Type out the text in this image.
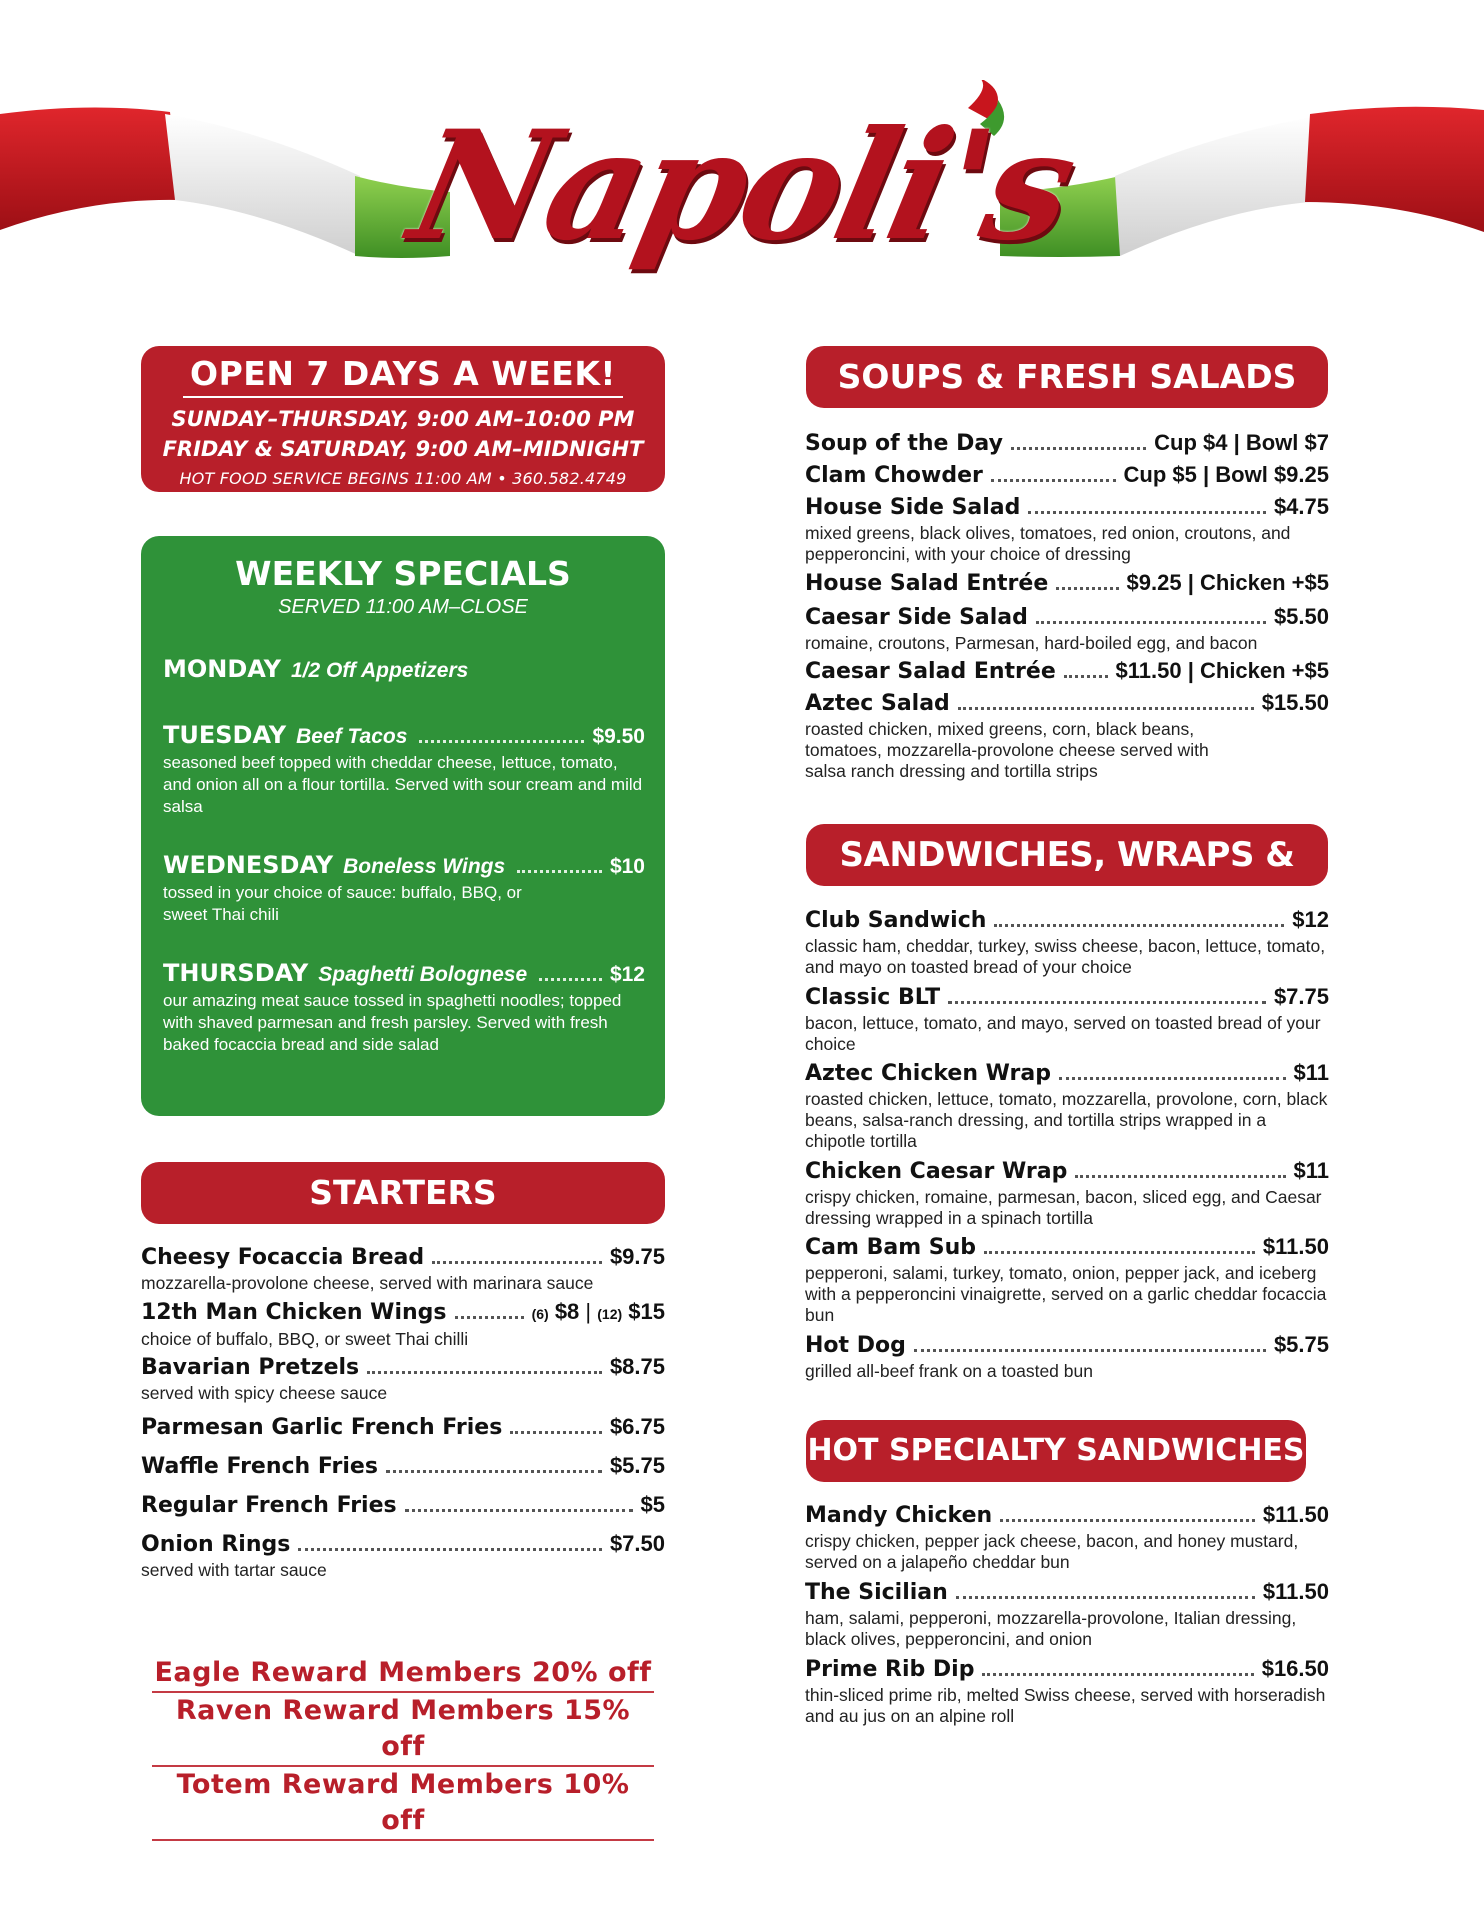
Napoli's
OPEN 7 DAYS A WEEK!
SUNDAY–THURSDAY, 9:00 AM–10:00 PM
FRIDAY & SATURDAY, 9:00 AM–MIDNIGHT
HOT FOOD SERVICE BEGINS 11:00 AM • 360.582.4749
WEEKLY SPECIALS
SERVED 11:00 AM–CLOSE
MONDAY 1/2 Off Appetizers
TUESDAY Beef Tacos	$9.50
seasoned beef topped with cheddar cheese, lettuce, tomato, and onion all on a flour tortilla. Served with sour cream and mild salsa
WEDNESDAY Boneless Wings	$10
tossed in your choice of sauce: buffalo, BBQ, or sweet Thai chili
THURSDAY Spaghetti Bolognese	$12
our amazing meat sauce tossed in spaghetti noodles; topped with shaved parmesan and fresh parsley. Served with fresh baked focaccia bread and side salad
STARTERS
Cheesy Focaccia Bread	$9.75
mozzarella-provolone cheese, served with marinara sauce
12th Man Chicken Wings	(6) $8 | (12) $15
choice of buffalo, BBQ, or sweet Thai chilli
Bavarian Pretzels	$8.75
served with spicy cheese sauce
Parmesan Garlic French Fries	$6.75
Waffle French Fries	$5.75
Regular French Fries	$5
Onion Rings	$7.50
served with tartar sauce
Eagle Reward Members 20% off
Raven Reward Members 15% off
Totem Reward Members 10% off
SOUPS & FRESH SALADS
Soup of the Day	Cup $4 | Bowl $7
Clam Chowder	Cup $5 | Bowl $9.25
House Side Salad	$4.75
mixed greens, black olives, tomatoes, red onion, croutons, and pepperoncini, with your choice of dressing
House Salad Entrée	$9.25 | Chicken +$5
Caesar Side Salad	$5.50
romaine, croutons, Parmesan, hard-boiled egg, and bacon
Caesar Salad Entrée	$11.50 | Chicken +$5
Aztec Salad	$15.50
roasted chicken, mixed greens, corn, black beans, tomatoes, mozzarella-provolone cheese served with salsa ranch dressing and tortilla strips
SANDWICHES, WRAPS & DOGS
Club Sandwich	$12
classic ham, cheddar, turkey, swiss cheese, bacon, lettuce, tomato, and mayo on toasted bread of your choice
Classic BLT	$7.75
bacon, lettuce, tomato, and mayo, served on toasted bread of your choice
Aztec Chicken Wrap	$11
roasted chicken, lettuce, tomato, mozzarella, provolone, corn, black beans, salsa-ranch dressing, and tortilla strips wrapped in a chipotle tortilla
Chicken Caesar Wrap	$11
crispy chicken, romaine, parmesan, bacon, sliced egg, and Caesar dressing wrapped in a spinach tortilla
Cam Bam Sub	$11.50
pepperoni, salami, turkey, tomato, onion, pepper jack, and iceberg with a pepperoncini vinaigrette, served on a garlic cheddar focaccia bun
Hot Dog	$5.75
grilled all-beef frank on a toasted bun
HOT SPECIALTY SANDWICHES
Mandy Chicken	$11.50
crispy chicken, pepper jack cheese, bacon, and honey mustard, served on a jalapeño cheddar bun
The Sicilian	$11.50
ham, salami, pepperoni, mozzarella-provolone, Italian dressing, black olives, pepperoncini, and onion
Prime Rib Dip	$16.50
thin-sliced prime rib, melted Swiss cheese, served with horseradish and au jus on an alpine roll
